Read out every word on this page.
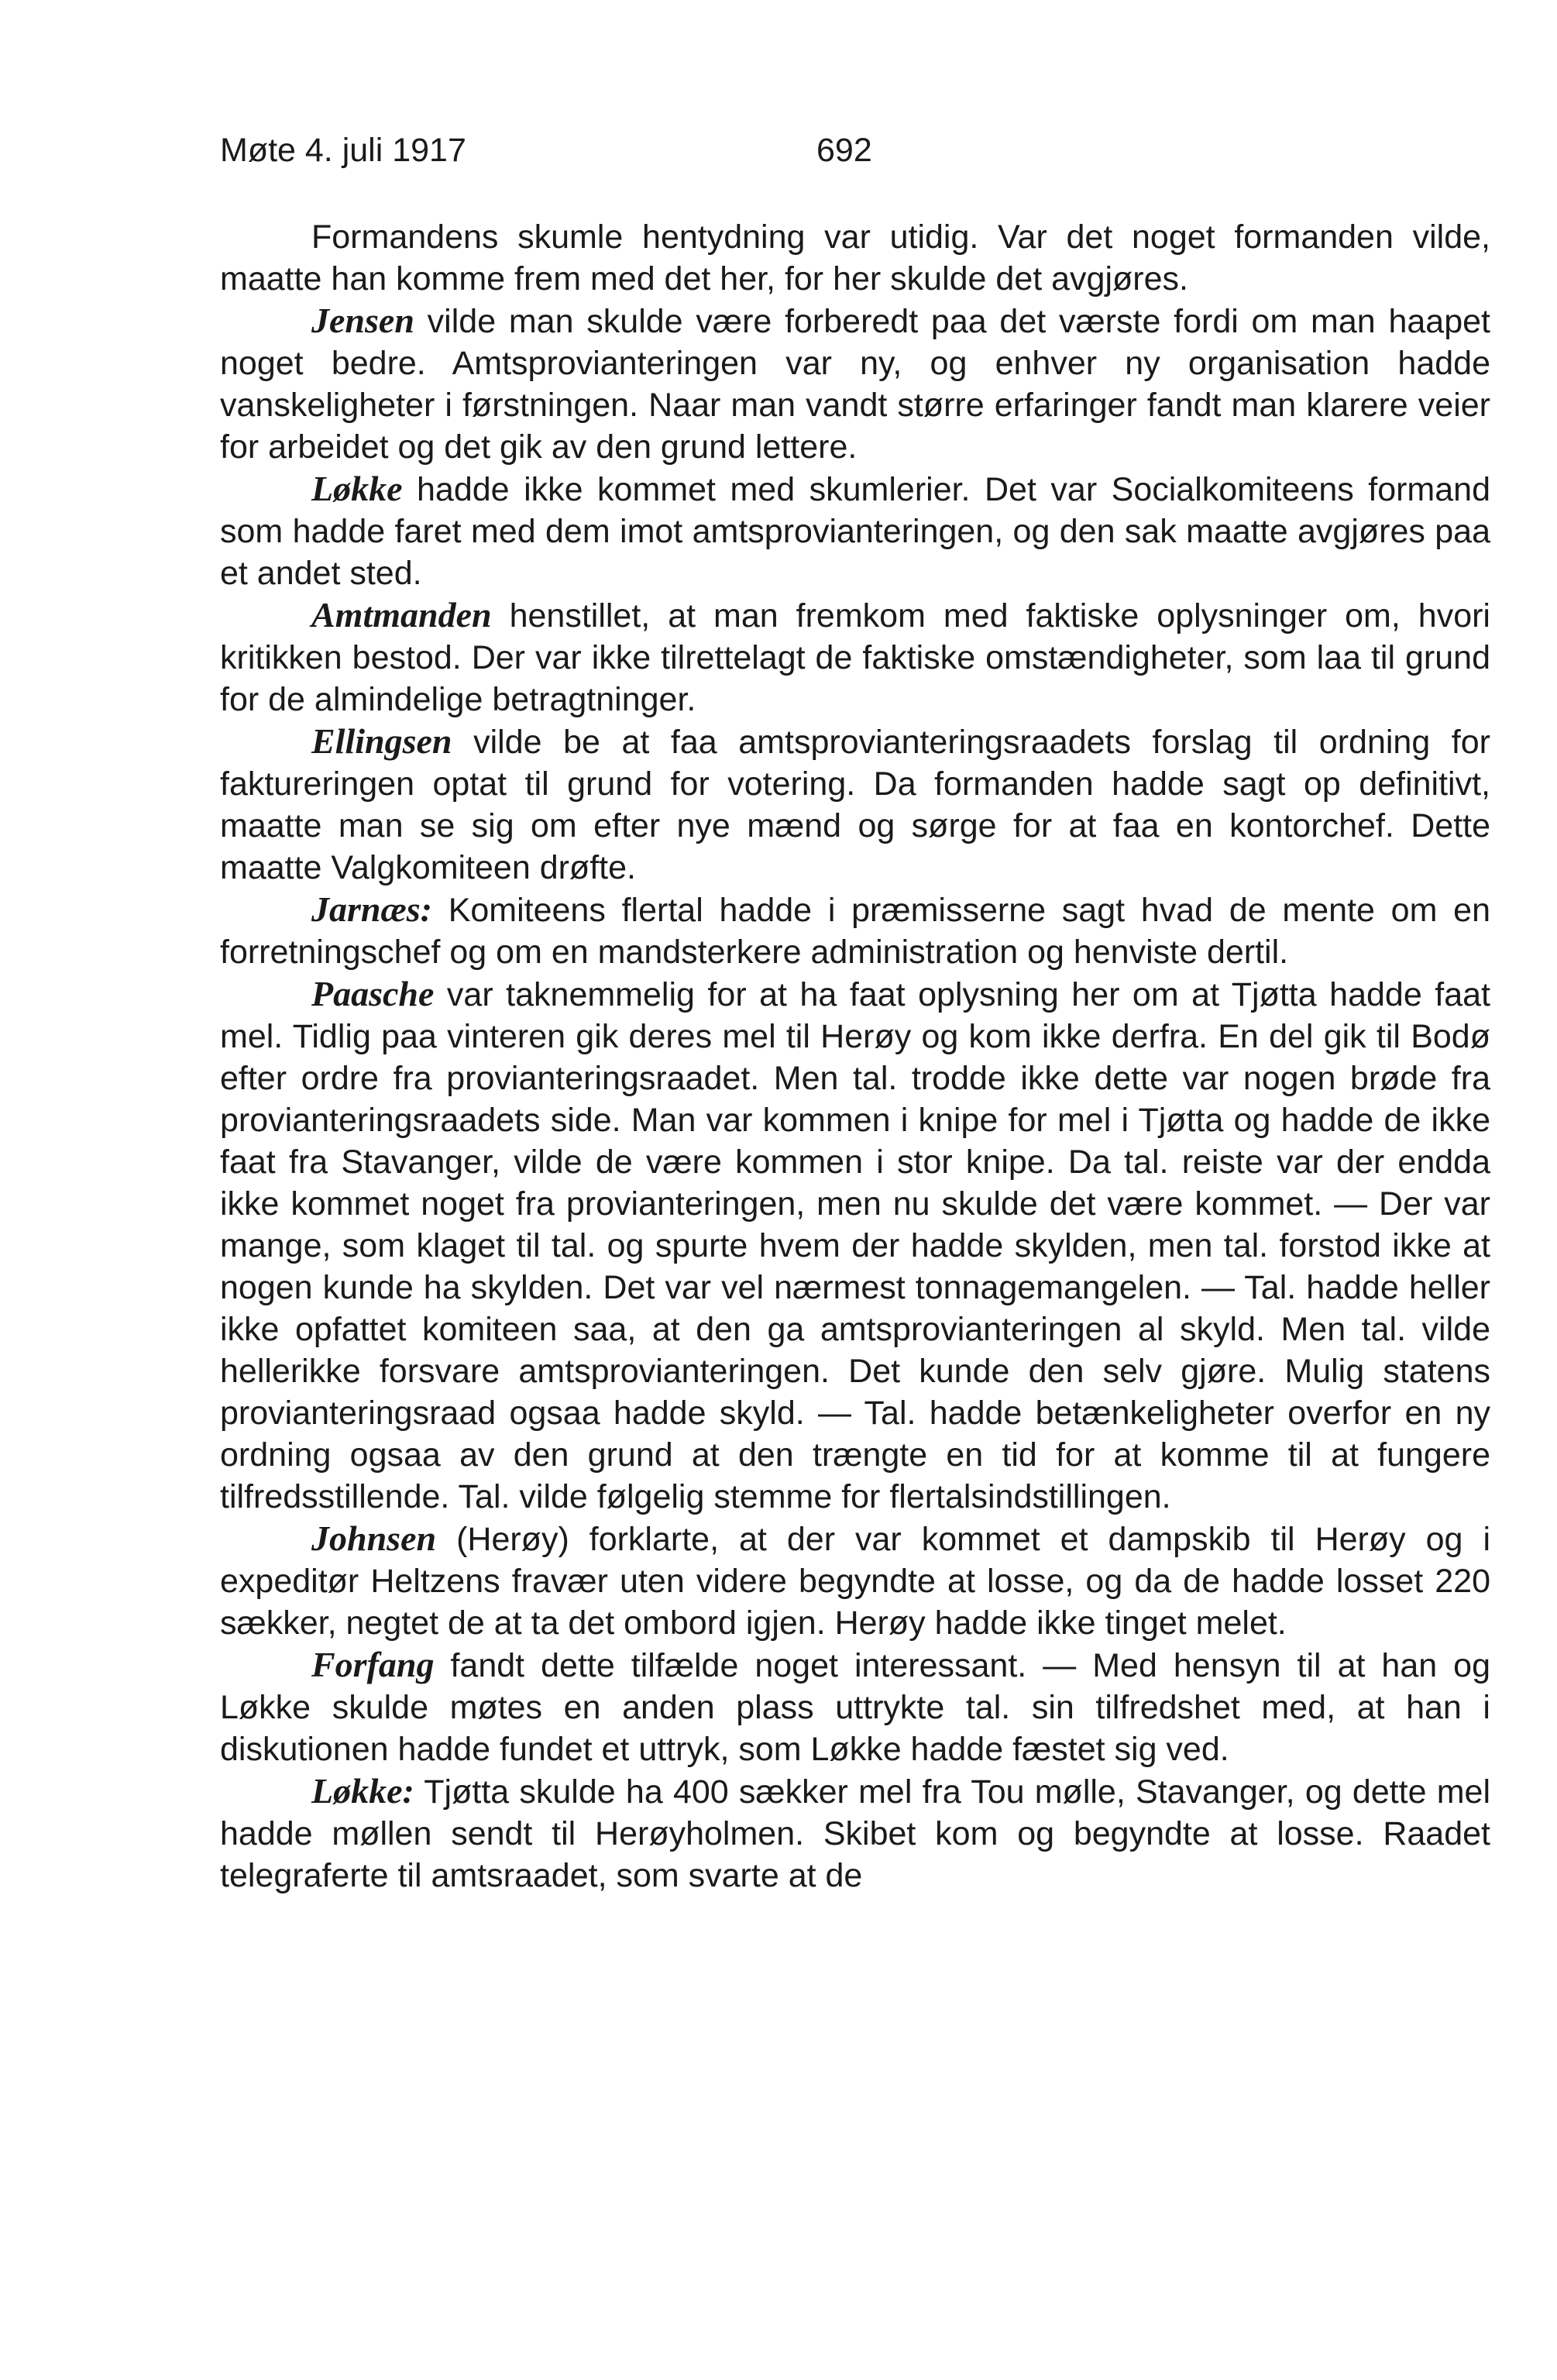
Møte 4. juli 1917	692

Formandens skumle hentydning var utidig. Var det noget formanden vilde, maatte han komme frem med det her, for her skulde det avgjøres.

Jensen vilde man skulde være forberedt paa det værste fordi om man haapet noget bedre. Amtsprovianteringen var ny, og enhver ny organisation hadde vanskeligheter i førstningen. Naar man vandt større erfaringer fandt man klarere veier for arbeidet og det gik av den grund lettere.

Løkke hadde ikke kommet med skumlerier. Det var Socialkomiteens formand som hadde faret med dem imot amtsprovianteringen, og den sak maatte avgjøres paa et andet sted.

Amtmanden henstillet, at man fremkom med faktiske oplysninger om, hvori kritikken bestod. Der var ikke tilrettelagt de faktiske omstændigheter, som laa til grund for de almindelige betragtninger.

Ellingsen vilde be at faa amtsprovianteringsraadets forslag til ordning for faktureringen optat til grund for votering. Da formanden hadde sagt op definitivt, maatte man se sig om efter nye mænd og sørge for at faa en kontorchef. Dette maatte Valgkomiteen drøfte.

Jarnæs: Komiteens flertal hadde i præmisserne sagt hvad de mente om en forretningschef og om en mandsterkere administration og henviste dertil.

Paasche var taknemmelig for at ha faat oplysning her om at Tjøtta hadde faat mel. Tidlig paa vinteren gik deres mel til Herøy og kom ikke derfra. En del gik til Bodø efter ordre fra provianteringsraadet. Men tal. trodde ikke dette var nogen brøde fra provianteringsraadets side. Man var kommen i knipe for mel i Tjøtta og hadde de ikke faat fra Stavanger, vilde de være kommen i stor knipe. Da tal. reiste var der endda ikke kommet noget fra provianteringen, men nu skulde det være kommet. — Der var mange, som klaget til tal. og spurte hvem der hadde skylden, men tal. forstod ikke at nogen kunde ha skylden. Det var vel nærmest tonnagemangelen. — Tal. hadde heller ikke opfattet komiteen saa, at den ga amtsprovianteringen al skyld. Men tal. vilde hellerikke forsvare amtsprovianteringen. Det kunde den selv gjøre. Mulig statens provianteringsraad ogsaa hadde skyld. — Tal. hadde betænkeligheter overfor en ny ordning ogsaa av den grund at den trængte en tid for at komme til at fungere tilfredsstillende. Tal. vilde følgelig stemme for flertalsindstillingen.

Johnsen (Herøy) forklarte, at der var kommet et dampskib til Herøy og i expeditør Heltzens fravær uten videre begyndte at losse, og da de hadde losset 220 sækker, negtet de at ta det ombord igjen. Herøy hadde ikke tinget melet.

Forfang fandt dette tilfælde noget interessant. — Med hensyn til at han og Løkke skulde møtes en anden plass uttrykte tal. sin tilfredshet med, at han i diskutionen hadde fundet et uttryk, som Løkke hadde fæstet sig ved.

Løkke: Tjøtta skulde ha 400 sækker mel fra Tou mølle, Stavanger, og dette mel hadde møllen sendt til Herøyholmen. Skibet kom og begyndte at losse. Raadet telegraferte til amtsraadet, som svarte at de
